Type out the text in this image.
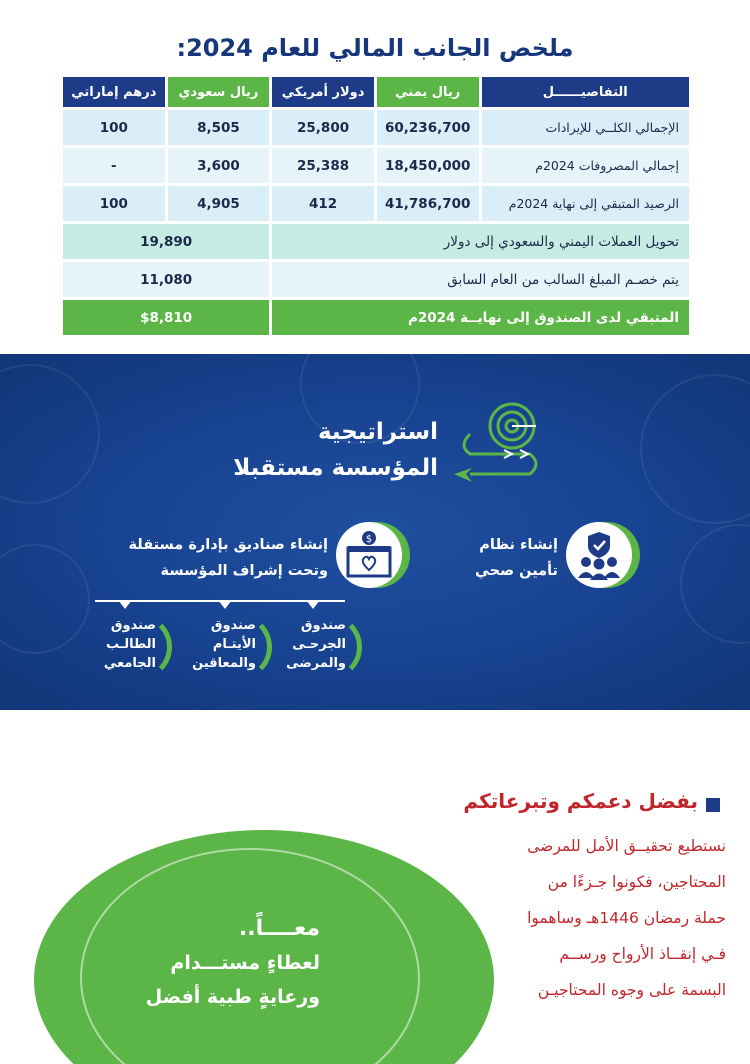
ملخص الجانب المالي للعام 2024:
التفاصيــــــل	ريال يمني	دولار أمريكي	ريال سعودي	درهم إماراتي
الإجمالي الكلــي للإيرادات	60,236,700	25,800	8,505	100
إجمالي المصروفات 2024م	18,450,000	25,388	3,600	-
الرصيد المتبقي إلى نهاية 2024م	41,786,700	412	4,905	100
تحويل العملات اليمني والسعودي إلى دولار			19,890	
يتم خصـم المبلغ السالب من العام السابق			11,080	
المتبقي لدى الصندوق إلى نهايــة 2024م			$8,810	
استراتيجية
المؤسسة مستقبلا
إنشاء نظام
تأمين صحي
$
إنشاء صناديق بإدارة مستقلة
وتحت إشراف المؤسسة
صندوق
الجرحـى
والمرضى
صندوق
الأيتـام
والمعاقين
صندوق
الطالـب
الجامعي
بفضل دعمكم وتبرعاتكم
نستطيع تحقيــق الأمل للمرضى
المحتاجين، فكونوا جـزءًا من
حملة رمضان 1446هـ وساهموا
فـي إنقــاذ الأرواح ورســم
البسمة على وجوه المحتاجيـن
معــــاً..
لعطاءٍ مستـــدام
ورعايةٍ طبية أفضل
